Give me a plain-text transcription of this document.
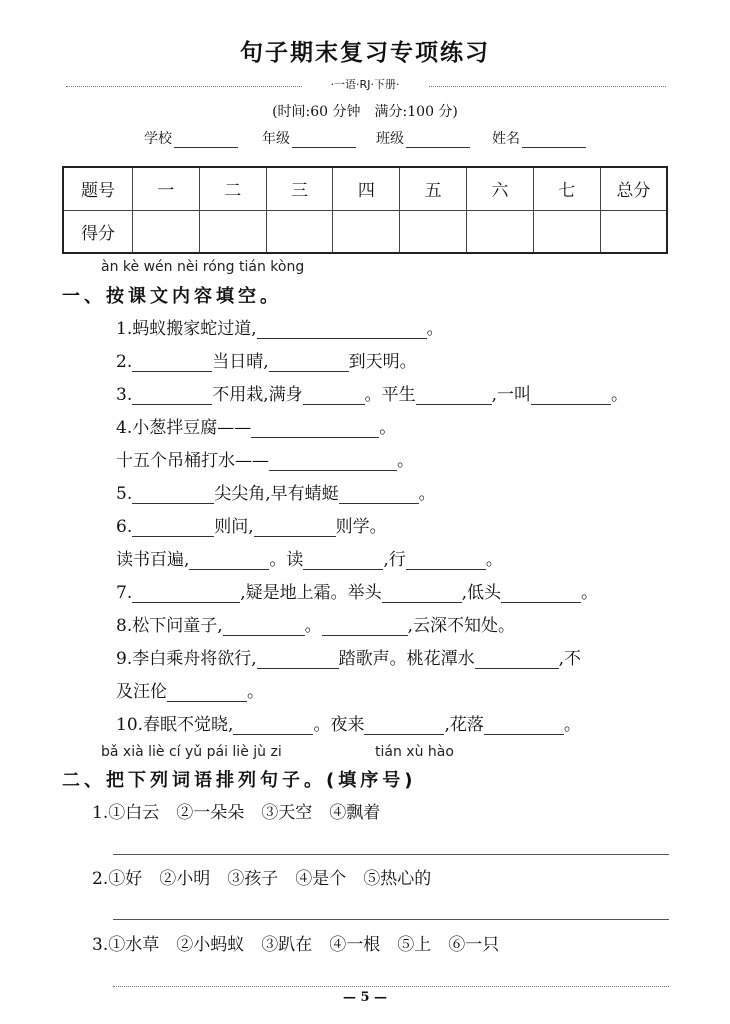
句子期末复习专项练习
·一语·RJ·下册·
(时间:60 分钟　满分:100 分)
学校	年级	班级	姓名
题号	一	二	三	四	五	六	七	总分
得分								
àn kè wén nèi róng tián kòng
一、按课文内容填空。
1.蚂蚁搬家蛇过道,	。
2.	当日晴,	到天明。
3.	不用栽,满身	。平生	,一叫	。
4.小葱拌豆腐——	。
十五个吊桶打水——	。
5.	尖尖角,早有蜻蜓	。
6.	则问,	则学。
读书百遍,	。读	,行	。
7.	,疑是地上霜。举头	,低头	。
8.松下问童子,	。	,云深不知处。
9.李白乘舟将欲行,	踏歌声。桃花潭水	,不
及汪伦	。
10.春眠不觉晓,	。夜来	,花落	。
bǎ xià liè cí yǔ pái liè jù zi	tián xù hào
二、把下列词语排列句子。(填序号)
1.①白云　②一朵朵　③天空　④飘着
2.①好　②小明　③孩子　④是个　⑤热心的
3.①水草　②小蚂蚁　③趴在　④一根　⑤上　⑥一只
— 5 —
